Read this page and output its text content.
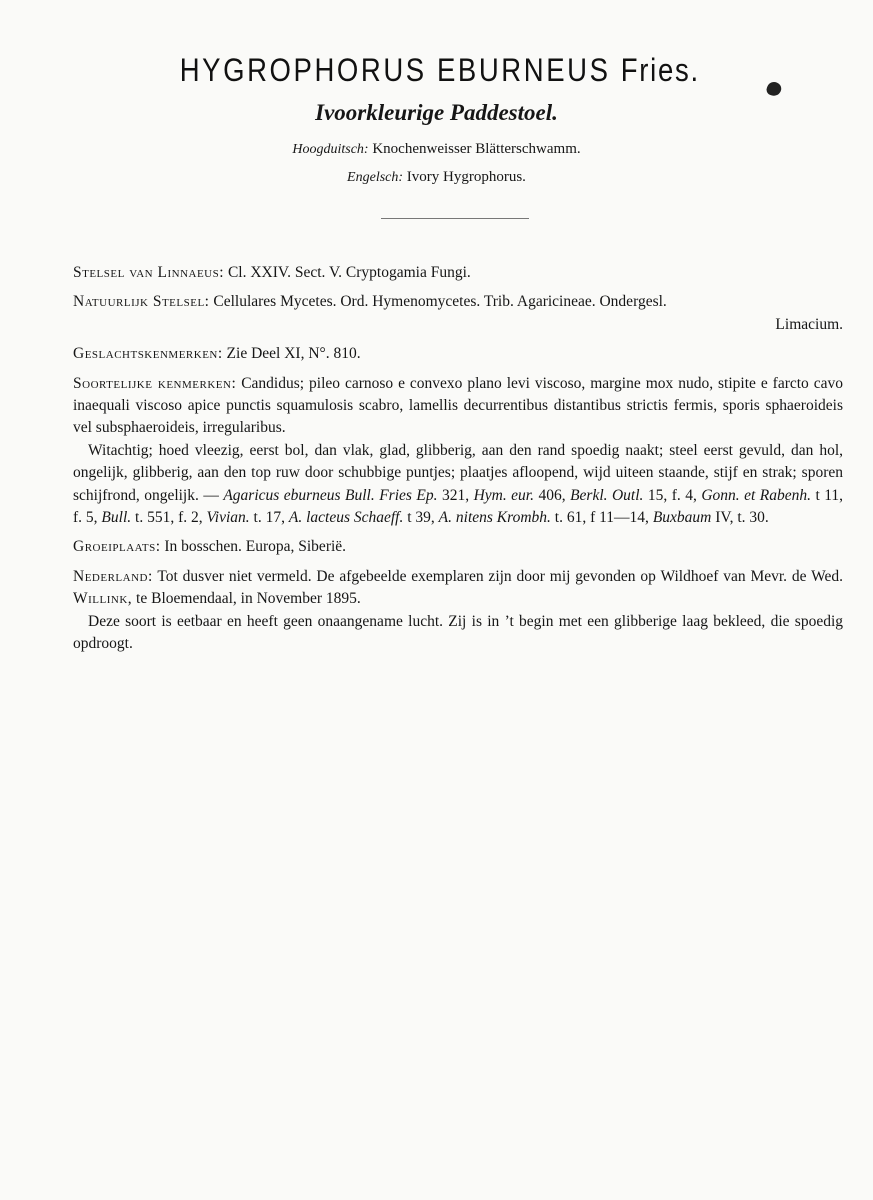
HYGROPHORUS EBURNEUS Fries.
Ivoorkleurige Paddestoel.
Hoogduitsch: Knochenweisser Blätterschwamm.
Engelsch: Ivory Hygrophorus.

Stelsel van Linnaeus: Cl. XXIV. Sect. V. Cryptogamia Fungi.

Natuurlijk Stelsel: Cellulares Mycetes. Ord. Hymenomycetes. Trib. Agaricineae. Ondergesl.

Limacium.

Geslachtskenmerken: Zie Deel XI, N°. 810.

Soortelijke kenmerken: Candidus; pileo carnoso e convexo plano levi viscoso, margine mox nudo, stipite e farcto cavo inaequali viscoso apice punctis squamulosis scabro, lamellis decurrentibus distantibus strictis fermis, sporis sphaeroideis vel subsphaeroideis, irregularibus.

Witachtig; hoed vleezig, eerst bol, dan vlak, glad, glibberig, aan den rand spoedig naakt; steel eerst gevuld, dan hol, ongelijk, glibberig, aan den top ruw door schubbige puntjes; plaatjes afloopend, wijd uiteen staande, stijf en strak; sporen schijfrond, ongelijk. — Agaricus eburneus Bull. Fries Ep. 321, Hym. eur. 406, Berkl. Outl. 15, f. 4, Gonn. et Rabenh. t 11, f. 5, Bull. t. 551, f. 2, Vivian. t. 17, A. lacteus Schaeff. t 39, A. nitens Krombh. t. 61, f 11—14, Buxbaum IV, t. 30.

Groeiplaats: In bosschen. Europa, Siberië.

Nederland: Tot dusver niet vermeld. De afgebeelde exemplaren zijn door mij gevonden op Wildhoef van Mevr. de Wed. Willink, te Bloemendaal, in November 1895.

Deze soort is eetbaar en heeft geen onaangename lucht. Zij is in ’t begin met een glibberige laag bekleed, die spoedig opdroogt.
